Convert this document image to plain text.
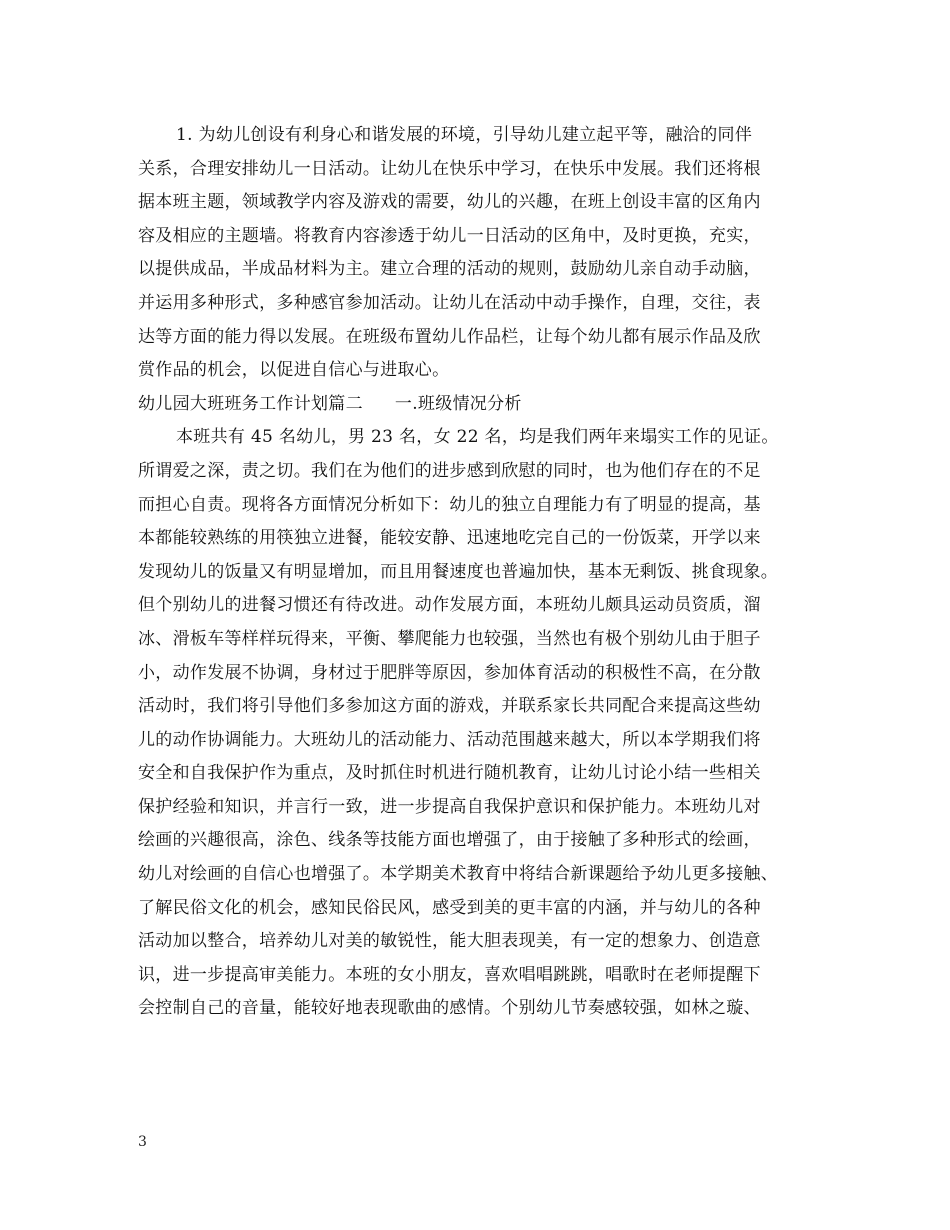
1. 为幼儿创设有利身心和谐发展的环境，引导幼儿建立起平等，融洽的同伴
关系，合理安排幼儿一日活动。让幼儿在快乐中学习，在快乐中发展。我们还将根
据本班主题，领域教学内容及游戏的需要，幼儿的兴趣，在班上创设丰富的区角内
容及相应的主题墙。将教育内容渗透于幼儿一日活动的区角中，及时更换，充实，
以提供成品，半成品材料为主。建立合理的活动的规则，鼓励幼儿亲自动手动脑，
并运用多种形式，多种感官参加活动。让幼儿在活动中动手操作，自理，交往，表
达等方面的能力得以发展。在班级布置幼儿作品栏，让每个幼儿都有展示作品及欣
赏作品的机会，以促进自信心与进取心。
幼儿园大班班务工作计划篇二 一.班级情况分析
本班共有 45 名幼儿，男 23 名，女 22 名，均是我们两年来塌实工作的见证。
所谓爱之深，责之切。我们在为他们的进步感到欣慰的同时，也为他们存在的不足
而担心自责。现将各方面情况分析如下：幼儿的独立自理能力有了明显的提高，基
本都能较熟练的用筷独立进餐，能较安静、迅速地吃完自己的一份饭菜，开学以来
发现幼儿的饭量又有明显增加，而且用餐速度也普遍加快，基本无剩饭、挑食现象。
但个别幼儿的进餐习惯还有待改进。动作发展方面，本班幼儿颇具运动员资质，溜
冰、滑板车等样样玩得来，平衡、攀爬能力也较强，当然也有极个别幼儿由于胆子
小，动作发展不协调，身材过于肥胖等原因，参加体育活动的积极性不高，在分散
活动时，我们将引导他们多参加这方面的游戏，并联系家长共同配合来提高这些幼
儿的动作协调能力。大班幼儿的活动能力、活动范围越来越大，所以本学期我们将
安全和自我保护作为重点，及时抓住时机进行随机教育，让幼儿讨论小结一些相关
保护经验和知识，并言行一致，进一步提高自我保护意识和保护能力。本班幼儿对
绘画的兴趣很高，涂色、线条等技能方面也增强了，由于接触了多种形式的绘画，
幼儿对绘画的自信心也增强了。本学期美术教育中将结合新课题给予幼儿更多接触、
了解民俗文化的机会，感知民俗民风，感受到美的更丰富的内涵，并与幼儿的各种
活动加以整合，培养幼儿对美的敏锐性，能大胆表现美，有一定的想象力、创造意
识，进一步提高审美能力。本班的女小朋友，喜欢唱唱跳跳，唱歌时在老师提醒下
会控制自己的音量，能较好地表现歌曲的感情。个别幼儿节奏感较强，如林之璇、
3
